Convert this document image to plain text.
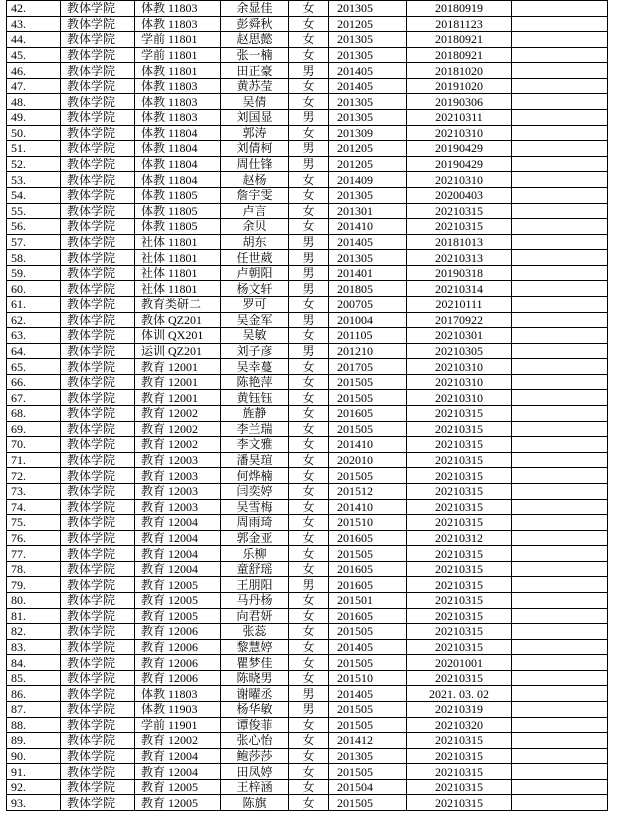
42.	教体学院	体教 11803	余显佳	女	201305	20180919	
43.	教体学院	体教 11803	彭舜秋	女	201205	20181123	
44.	教体学院	学前 11801	赵思懿	女	201305	20180921	
45.	教体学院	学前 11801	张一楠	女	201305	20180921	
46.	教体学院	体教 11801	田正豪	男	201405	20181020	
47.	教体学院	体教 11803	黄苏莹	女	201405	20191020	
48.	教体学院	体教 11803	吴倩	女	201305	20190306	
49.	教体学院	体教 11803	刘国显	男	201305	20210311	
50.	教体学院	体教 11804	郭涛	女	201309	20210310	
51.	教体学院	体教 11804	刘倩柯	男	201205	20190429	
52.	教体学院	体教 11804	周仕锋	男	201205	20190429	
53.	教体学院	体教 11804	赵杨	女	201409	20210310	
54.	教体学院	体教 11805	詹宇雯	女	201305	20200403	
55.	教体学院	体教 11805	卢言	女	201301	20210315	
56.	教体学院	体教 11805	余贝	女	201410	20210315	
57.	教体学院	社体 11801	胡东	男	201405	20181013	
58.	教体学院	社体 11801	任世葳	男	201305	20210313	
59.	教体学院	社体 11801	卢朝阳	男	201401	20190318	
60.	教体学院	社体 11801	杨文轩	男	201805	20210314	
61.	教体学院	教育类研二	罗可	女	200705	20210111	
62.	教体学院	教体 QZ201	吴金军	男	201004	20170922	
63.	教体学院	体训 QX201	吴敏	女	201105	20210301	
64.	教体学院	运训 QZ201	刘子彦	男	201210	20210305	
65.	教体学院	教育 12001	吴幸蔓	女	201705	20210310	
66.	教体学院	教育 12001	陈艳萍	女	201505	20210310	
67.	教体学院	教育 12001	黄钰钰	女	201505	20210310	
68.	教体学院	教育 12002	旌静	女	201605	20210315	
69.	教体学院	教育 12002	李兰瑞	女	201505	20210315	
70.	教体学院	教育 12002	李文雅	女	201410	20210315	
71.	教体学院	教育 12003	潘昊瑄	女	202010	20210315	
72.	教体学院	教育 12003	何烨楠	女	201505	20210315	
73.	教体学院	教育 12003	闫奕婷	女	201512	20210315	
74.	教体学院	教育 12003	吴雪梅	女	201410	20210315	
75.	教体学院	教育 12004	周雨琦	女	201510	20210315	
76.	教体学院	教育 12004	郭金亚	女	201605	20210312	
77.	教体学院	教育 12004	乐柳	女	201505	20210315	
78.	教体学院	教育 12004	童舒瑶	女	201605	20210315	
79.	教体学院	教育 12005	王朋阳	男	201605	20210315	
80.	教体学院	教育 12005	马丹杨	女	201501	20210315	
81.	教体学院	教育 12005	向君妍	女	201605	20210315	
82.	教体学院	教育 12006	张蕊	女	201505	20210315	
83.	教体学院	教育 12006	黎慧婷	女	201405	20210315	
84.	教体学院	教育 12006	瞿梦佳	女	201505	20201001	
85.	教体学院	教育 12006	陈晓男	女	201510	20210315	
86.	教体学院	体教 11803	谢曜丞	男	201405	2021. 03. 02	
87.	教体学院	体教 11903	杨华敏	男	201505	20210319	
88.	教体学院	学前 11901	谭俊菲	女	201505	20210320	
89.	教体学院	教育 12002	张心怡	女	201412	20210315	
90.	教体学院	教育 12004	鲍莎莎	女	201305	20210315	
91.	教体学院	教育 12004	田凤婷	女	201505	20210315	
92.	教体学院	教育 12005	王梓涵	女	201504	20210315	
93.	教体学院	教育 12005	陈旗	女	201505	20210315	
